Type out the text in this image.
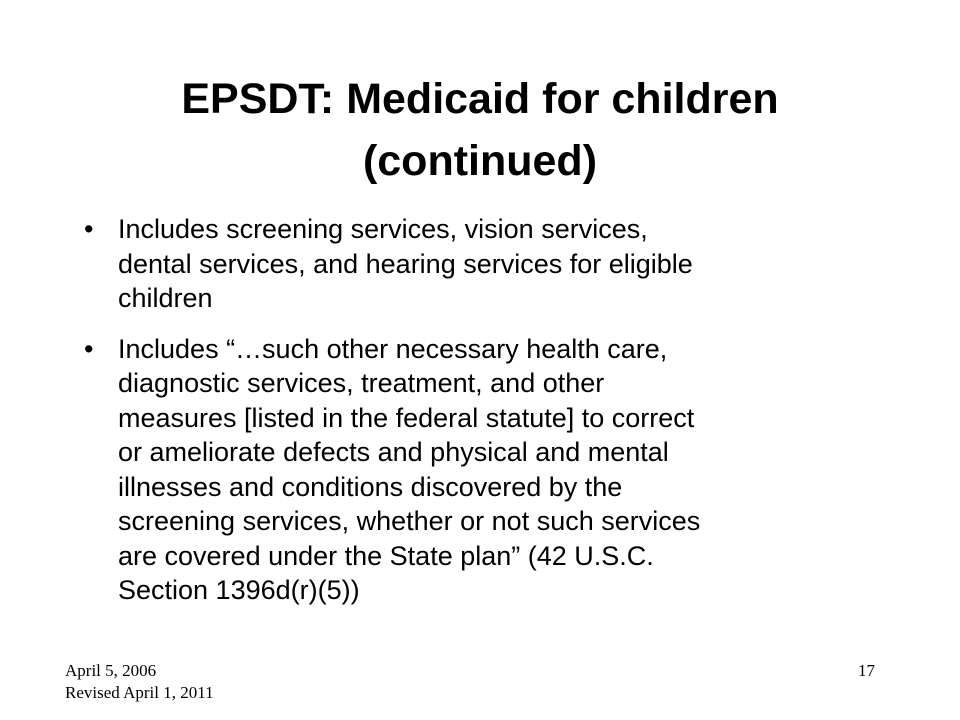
EPSDT: Medicaid for children
(continued)
• Includes screening services, vision services,
dental services, and hearing services for eligible
children
• Includes “…such other necessary health care,
diagnostic services, treatment, and other
measures [listed in the federal statute] to correct
or ameliorate defects and physical and mental
illnesses and conditions discovered by the
screening services, whether or not such services
are covered under the State plan” (42 U.S.C.
Section 1396d(r)(5))
April 5, 2006
Revised April 1, 2011
17
